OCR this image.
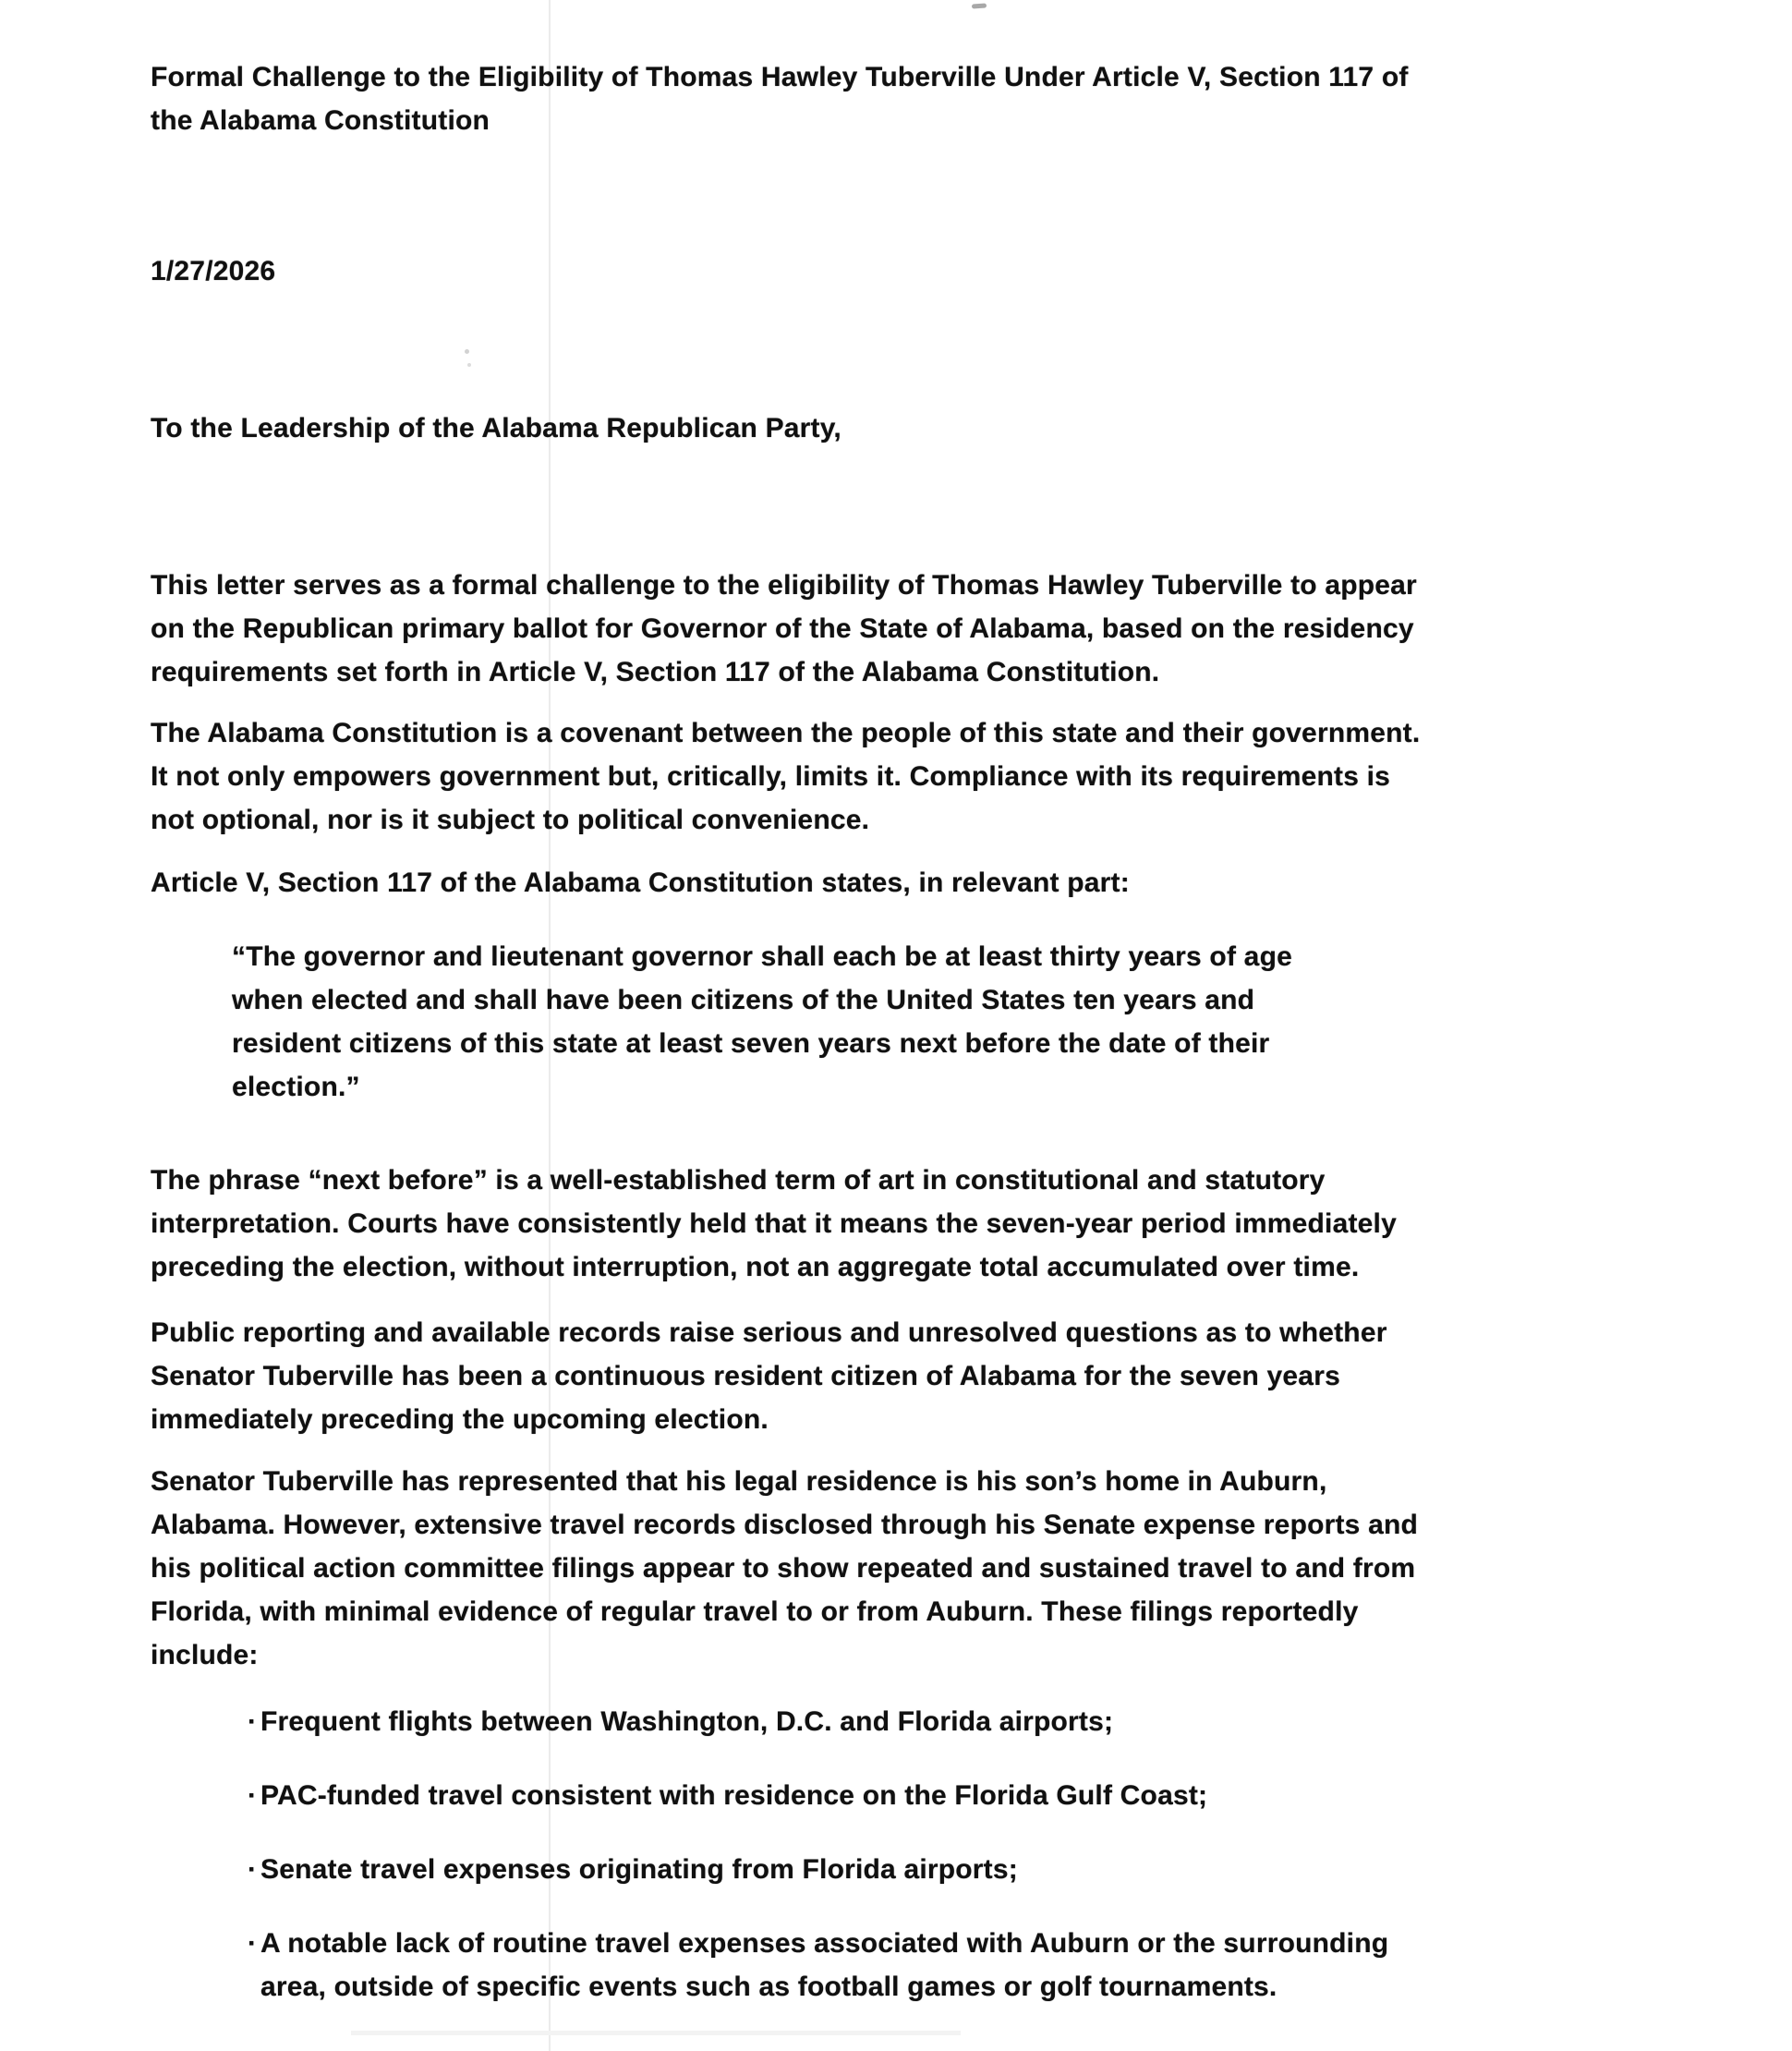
Formal Challenge to the Eligibility of Thomas Hawley Tuberville Under Article V, Section 117 of
the Alabama Constitution
1/27/2026
To the Leadership of the Alabama Republican Party,
This letter serves as a formal challenge to the eligibility of Thomas Hawley Tuberville to appear
on the Republican primary ballot for Governor of the State of Alabama, based on the residency
requirements set forth in Article V, Section 117 of the Alabama Constitution.
The Alabama Constitution is a covenant between the people of this state and their government.
It not only empowers government but, critically, limits it. Compliance with its requirements is
not optional, nor is it subject to political convenience.
Article V, Section 117 of the Alabama Constitution states, in relevant part:
“The governor and lieutenant governor shall each be at least thirty years of age
when elected and shall have been citizens of the United States ten years and
resident citizens of this state at least seven years next before the date of their
election.”
The phrase “next before” is a well-established term of art in constitutional and statutory
interpretation. Courts have consistently held that it means the seven-year period immediately
preceding the election, without interruption, not an aggregate total accumulated over time.
Public reporting and available records raise serious and unresolved questions as to whether
Senator Tuberville has been a continuous resident citizen of Alabama for the seven years
immediately preceding the upcoming election.
Senator Tuberville has represented that his legal residence is his son’s home in Auburn,
Alabama. However, extensive travel records disclosed through his Senate expense reports and
his political action committee filings appear to show repeated and sustained travel to and from
Florida, with minimal evidence of regular travel to or from Auburn. These filings reportedly
include:
· Frequent flights between Washington, D.C. and Florida airports;
· PAC-funded travel consistent with residence on the Florida Gulf Coast;
· Senate travel expenses originating from Florida airports;
· A notable lack of routine travel expenses associated with Auburn or the surrounding
area, outside of specific events such as football games or golf tournaments.
